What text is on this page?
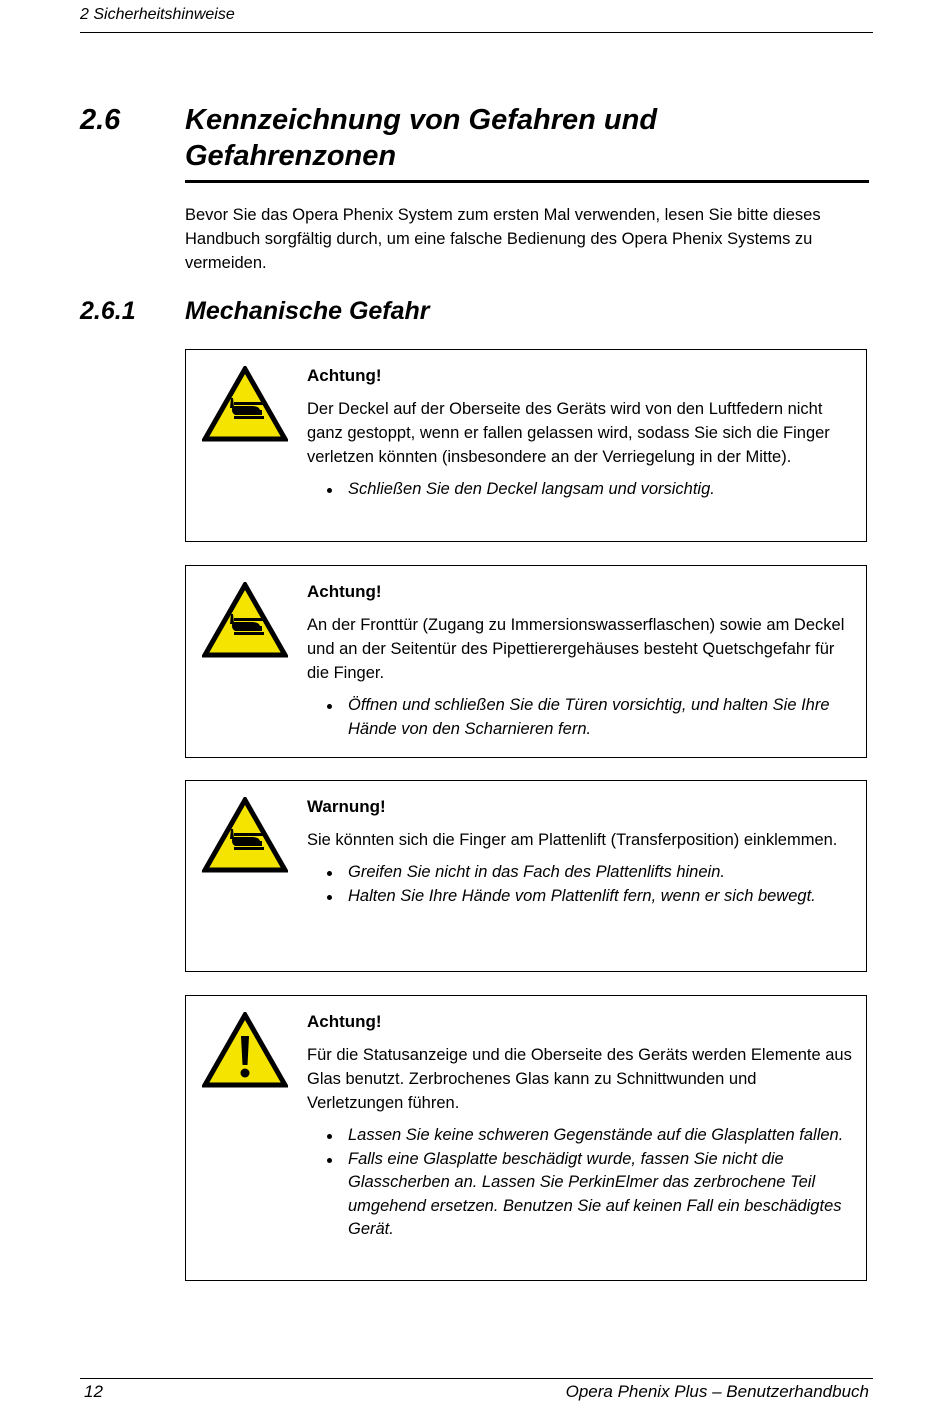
2 Sicherheitshinweise
2.6 Kennzeichnung von Gefahren und
Gefahrenzonen
Bevor Sie das Opera Phenix System zum ersten Mal verwenden, lesen Sie bitte dieses Handbuch sorgfältig durch, um eine falsche Bedienung des Opera Phenix Systems zu vermeiden.
2.6.1 Mechanische Gefahr
Achtung!
Der Deckel auf der Oberseite des Geräts wird von den Luftfedern nicht ganz gestoppt, wenn er fallen gelassen wird, sodass Sie sich die Finger verletzen könnten (insbesondere an der Verriegelung in der Mitte).
Schließen Sie den Deckel langsam und vorsichtig.
Achtung!
An der Fronttür (Zugang zu Immersionswasserflaschen) sowie am Deckel und an der Seitentür des Pipettierergehäuses besteht Quetschgefahr für die Finger.
Öffnen und schließen Sie die Türen vorsichtig, und halten Sie Ihre Hände von den Scharnieren fern.
Warnung!
Sie könnten sich die Finger am Plattenlift (Transferposition) einklemmen.
Greifen Sie nicht in das Fach des Plattenlifts hinein.
Halten Sie Ihre Hände vom Plattenlift fern, wenn er sich bewegt.
Achtung!
Für die Statusanzeige und die Oberseite des Geräts werden Elemente aus Glas benutzt. Zerbrochenes Glas kann zu Schnittwunden und Verletzungen führen.
Lassen Sie keine schweren Gegenstände auf die Glasplatten fallen.
Falls eine Glasplatte beschädigt wurde, fassen Sie nicht die Glasscherben an. Lassen Sie PerkinElmer das zerbrochene Teil umgehend ersetzen. Benutzen Sie auf keinen Fall ein beschädigtes Gerät.
12	Opera Phenix Plus – Benutzerhandbuch
